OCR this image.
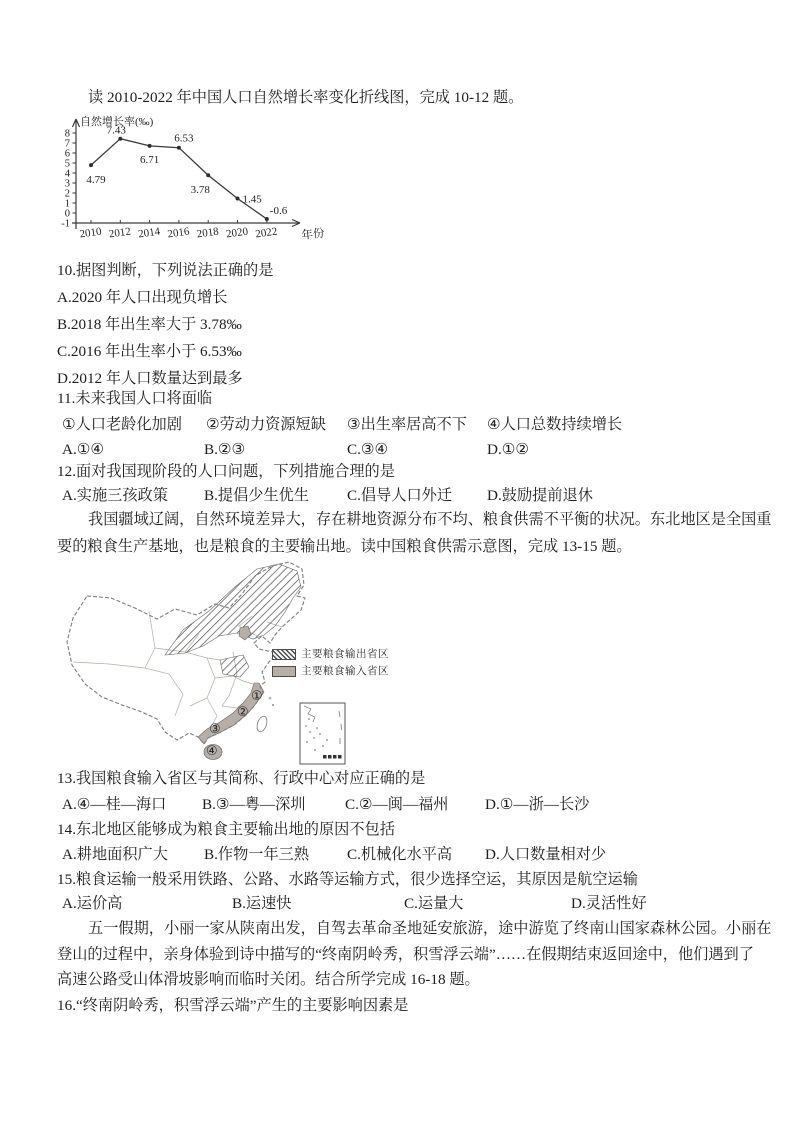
读 2010-2022 年中国人口自然增长率变化折线图，完成 10-12 题。
8
7
6
5
4
3
2
1
0
-1
2010 2012 2014 2016 2018 2020 2022
自然增长率(‰)
年份
4.79
7.43
6.71
6.53
3.78
1.45
-0.6
10.据图判断，下列说法正确的是
A.2020 年人口出现负增长
B.2018 年出生率大于 3.78‰
C.2016 年出生率小于 6.53‰
D.2012 年人口数量达到最多
11.未来我国人口将面临
①人口老龄化加剧 ②劳动力资源短缺 ③出生率居高不下 ④人口总数持续增长
A.①④	B.②③	C.③④	D.①②
12.面对我国现阶段的人口问题，下列措施合理的是
A.实施三孩政策 B.提倡少生优生 C.倡导人口外迁 D.鼓励提前退休
我国疆域辽阔，自然环境差异大，存在耕地资源分布不均、粮食供需不平衡的状况。东北地区是全国重
要的粮食生产基地，也是粮食的主要输出地。读中国粮食供需示意图，完成 13-15 题。
主要粮食输出省区
主要粮食输入省区
①
②
③
④
13.我国粮食输入省区与其简称、行政中心对应正确的是
A.④—桂—海口 B.③—粤—深圳	C.②—闽—福州 D.①—浙—长沙
14.东北地区能够成为粮食主要输出地的原因不包括
A.耕地面积广大 B.作物一年三熟 C.机械化水平高 D.人口数量相对少
15.粮食运输一般采用铁路、公路、水路等运输方式，很少选择空运，其原因是航空运输
A.运价高	B.运速快	C.运量大	D.灵活性好
五一假期，小丽一家从陕南出发，自驾去革命圣地延安旅游，途中游览了终南山国家森林公园。小丽在
登山的过程中，亲身体验到诗中描写的“终南阴岭秀，积雪浮云端”……在假期结束返回途中，他们遇到了
高速公路受山体滑坡影响而临时关闭。结合所学完成 16-18 题。
16.“终南阴岭秀，积雪浮云端”产生的主要影响因素是
